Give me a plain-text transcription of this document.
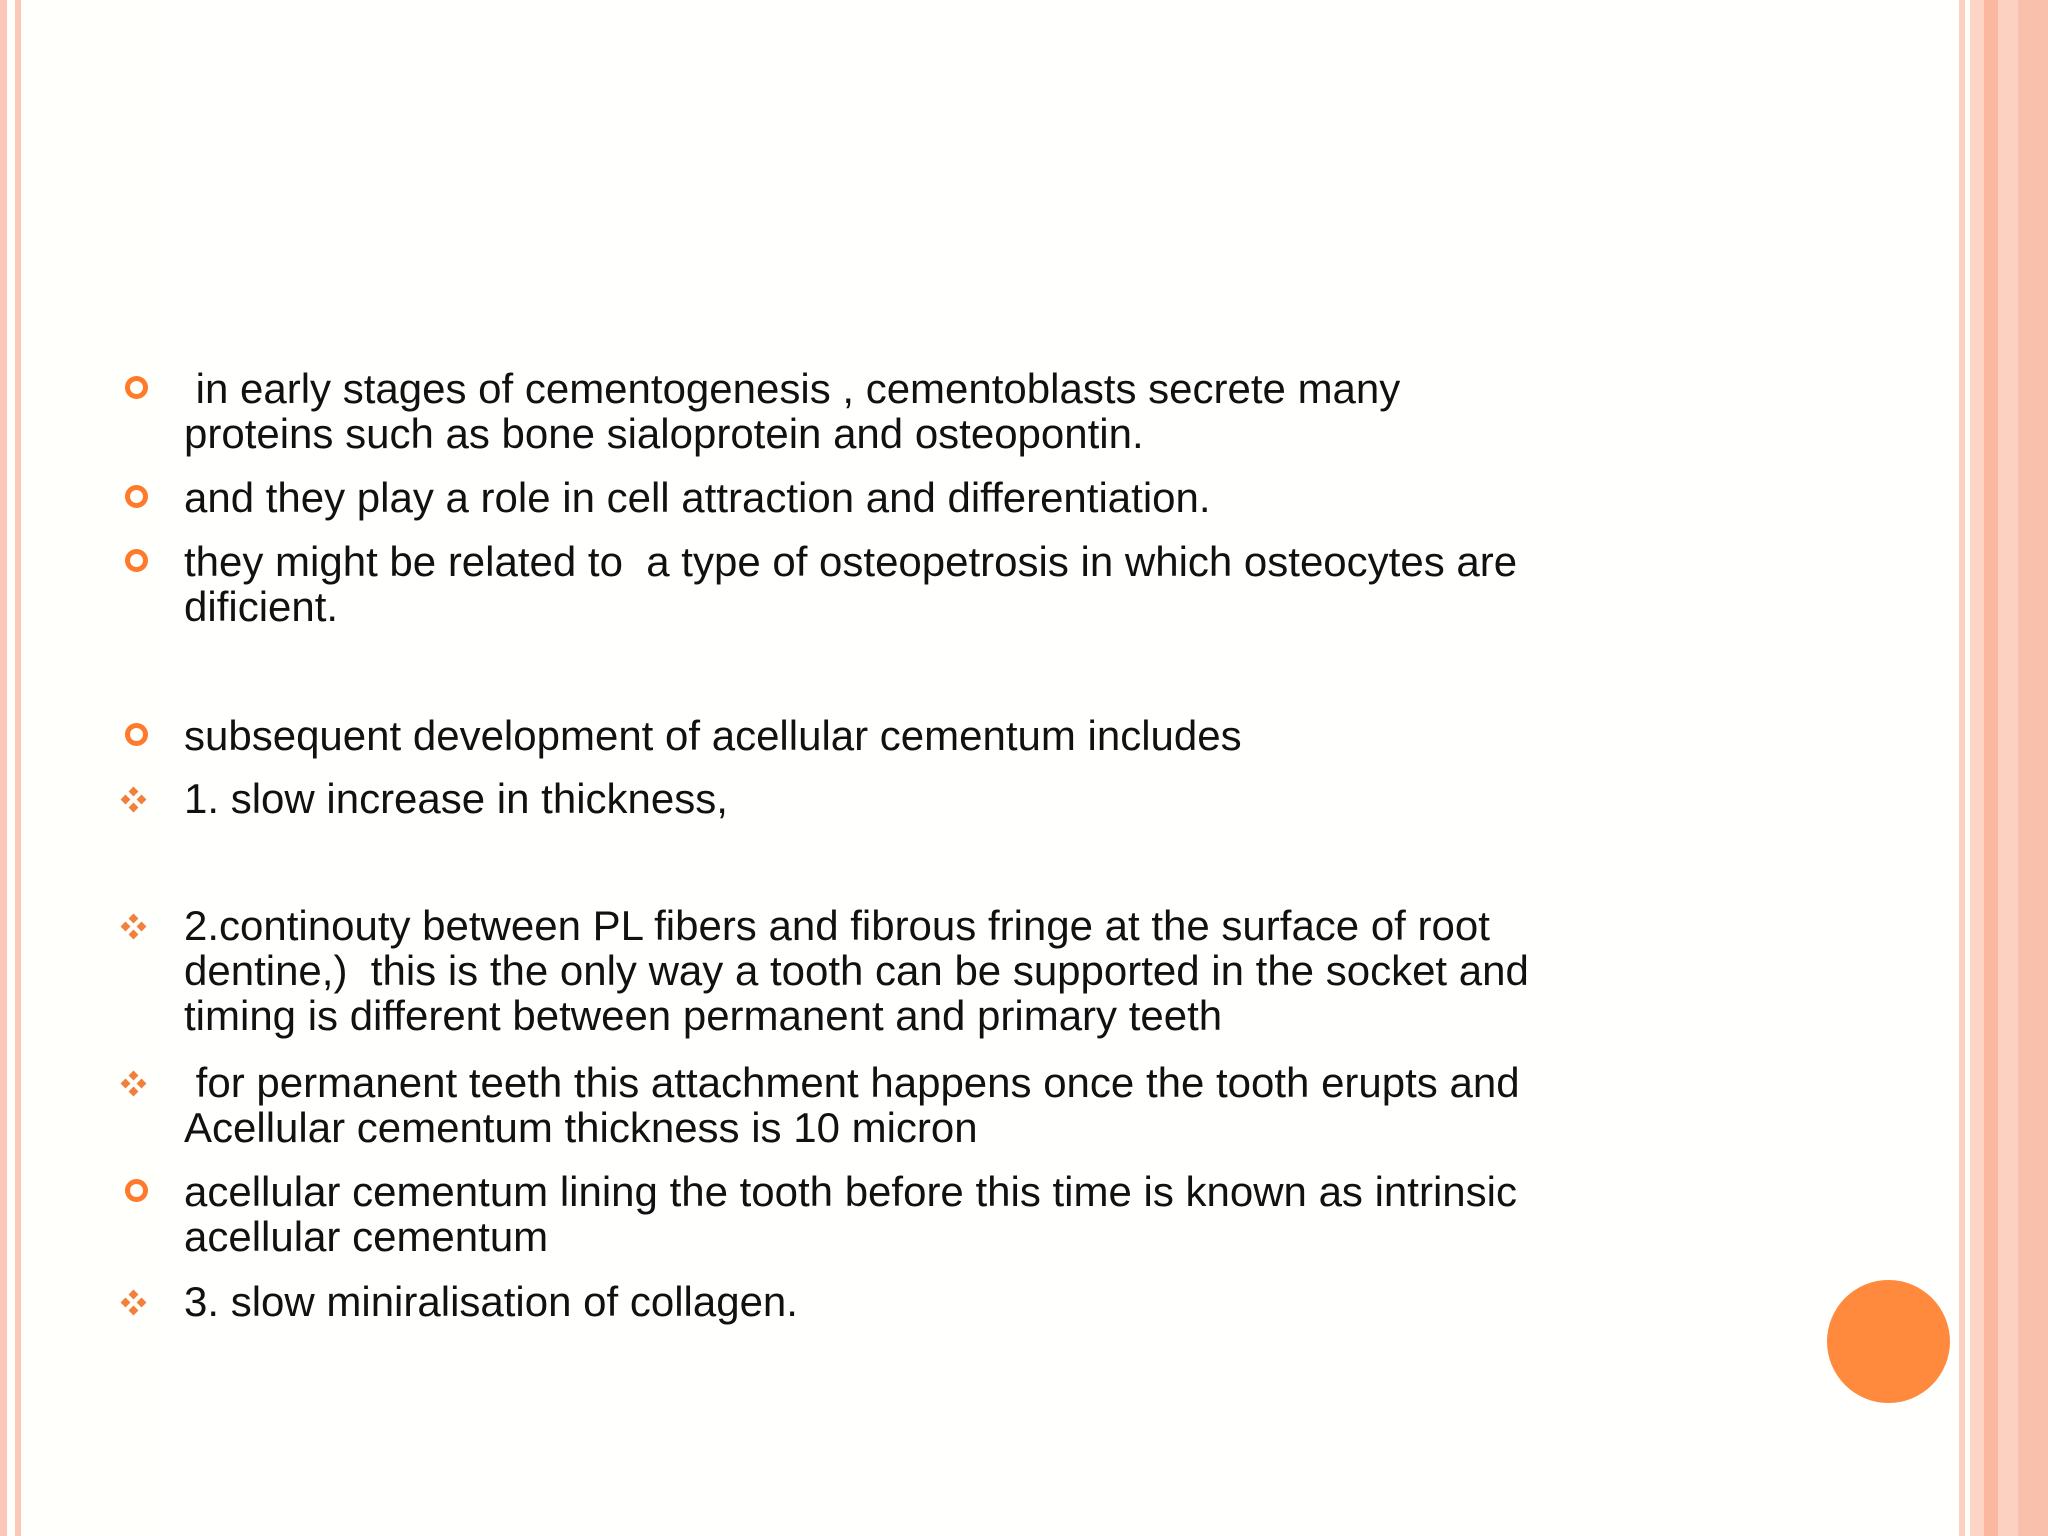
in early stages of cementogenesis , cementoblasts secrete many
proteins such as bone sialoprotein and osteopontin.
and they play a role in cell attraction and differentiation.
they might be related to  a type of osteopetrosis in which osteocytes are
dificient.
subsequent development of acellular cementum includes
1. slow increase in thickness,
2.continouty between PL fibers and fibrous fringe at the surface of root
dentine,)  this is the only way a tooth can be supported in the socket and
timing is different between permanent and primary teeth
for permanent teeth this attachment happens once the tooth erupts and
Acellular cementum thickness is 10 micron
acellular cementum lining the tooth before this time is known as intrinsic
acellular cementum
3. slow miniralisation of collagen.
